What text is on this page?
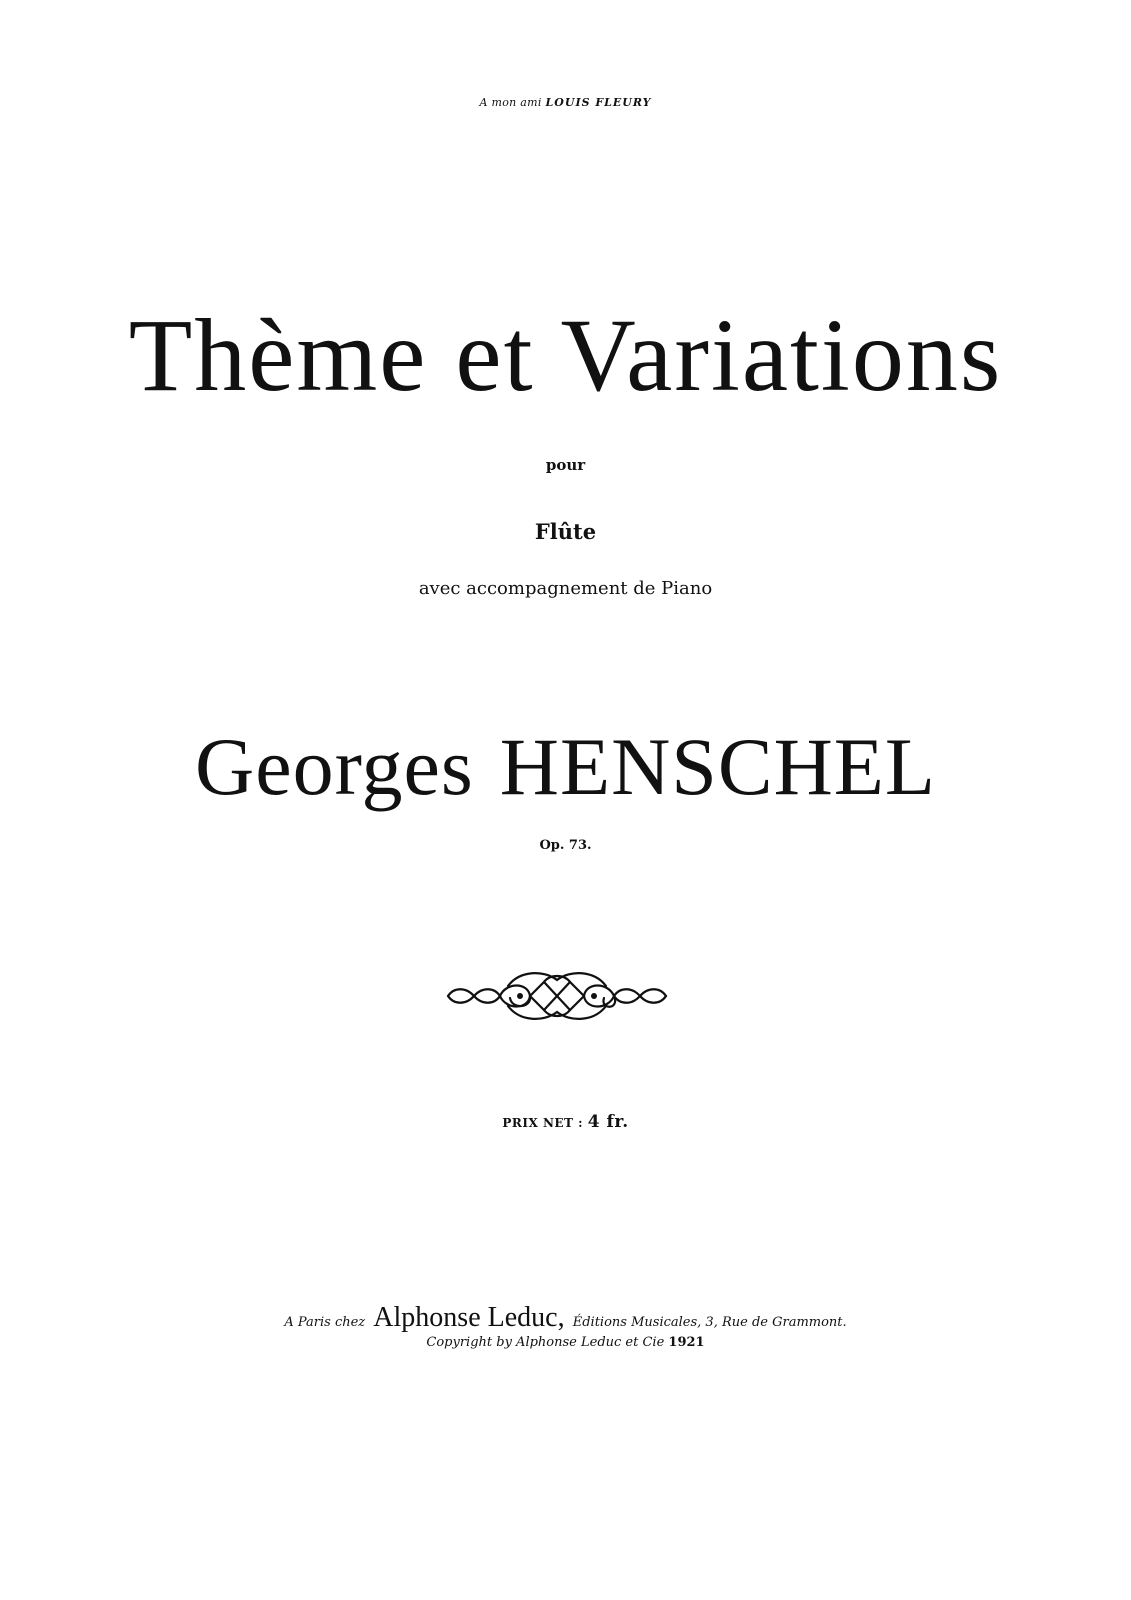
A mon ami LOUIS FLEURY
Thème et Variations
pour
Flûte
avec accompagnement de Piano
Georges HENSCHEL
Op. 73.
PRIX NET : 4 fr.
A Paris chez Alphonse Leduc, Éditions Musicales, 3, Rue de Grammont.
Copyright by Alphonse Leduc et Cie 1921
